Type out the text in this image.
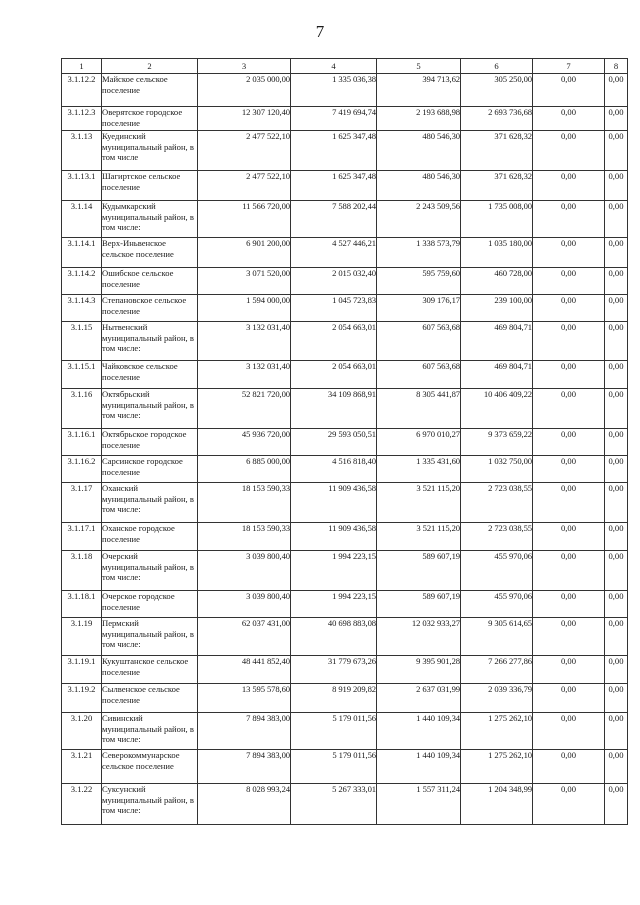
7
1	2	3	4	5	6	7	8
3.1.12.2	Майское сельское поселение	2 035 000,00	1 335 036,38	394 713,62	305 250,00	0,00	0,00
3.1.12.3	Оверятское городское поселение	12 307 120,40	7 419 694,74	2 193 688,98	2 693 736,68	0,00	0,00
3.1.13	Куединский муниципальный район, в том числе	2 477 522,10	1 625 347,48	480 546,30	371 628,32	0,00	0,00
3.1.13.1	Шагиртское сельское поселение	2 477 522,10	1 625 347,48	480 546,30	371 628,32	0,00	0,00
3.1.14	Кудымкарский муниципальный район, в том числе:	11 566 720,00	7 588 202,44	2 243 509,56	1 735 008,00	0,00	0,00
3.1.14.1	Верх-Иньвенское сельское поселение	6 901 200,00	4 527 446,21	1 338 573,79	1 035 180,00	0,00	0,00
3.1.14.2	Ошибское сельское поселение	3 071 520,00	2 015 032,40	595 759,60	460 728,00	0,00	0,00
3.1.14.3	Степановское сельское поселение	1 594 000,00	1 045 723,83	309 176,17	239 100,00	0,00	0,00
3.1.15	Нытвенский муниципальный район, в том числе:	3 132 031,40	2 054 663,01	607 563,68	469 804,71	0,00	0,00
3.1.15.1	Чайковское сельское поселение	3 132 031,40	2 054 663,01	607 563,68	469 804,71	0,00	0,00
3.1.16	Октябрьский муниципальный район, в том числе:	52 821 720,00	34 109 868,91	8 305 441,87	10 406 409,22	0,00	0,00
3.1.16.1	Октябрьское городское поселение	45 936 720,00	29 593 050,51	6 970 010,27	9 373 659,22	0,00	0,00
3.1.16.2	Сарсинское городское поселение	6 885 000,00	4 516 818,40	1 335 431,60	1 032 750,00	0,00	0,00
3.1.17	Оханский муниципальный район, в том числе:	18 153 590,33	11 909 436,58	3 521 115,20	2 723 038,55	0,00	0,00
3.1.17.1	Оханское городское поселение	18 153 590,33	11 909 436,58	3 521 115,20	2 723 038,55	0,00	0,00
3.1.18	Очерский муниципальный район, в том числе:	3 039 800,40	1 994 223,15	589 607,19	455 970,06	0,00	0,00
3.1.18.1	Очерское городское поселение	3 039 800,40	1 994 223,15	589 607,19	455 970,06	0,00	0,00
3.1.19	Пермский муниципальный район, в том числе:	62 037 431,00	40 698 883,08	12 032 933,27	9 305 614,65	0,00	0,00
3.1.19.1	Кукуштанское сельское поселение	48 441 852,40	31 779 673,26	9 395 901,28	7 266 277,86	0,00	0,00
3.1.19.2	Сылвенское сельское поселение	13 595 578,60	8 919 209,82	2 637 031,99	2 039 336,79	0,00	0,00
3.1.20	Сивинский муниципальный район, в том числе:	7 894 383,00	5 179 011,56	1 440 109,34	1 275 262,10	0,00	0,00
3.1.21	Северокоммунарское сельское поселение	7 894 383,00	5 179 011,56	1 440 109,34	1 275 262,10	0,00	0,00
3.1.22	Суксунский муниципальный район, в том числе:	8 028 993,24	5 267 333,01	1 557 311,24	1 204 348,99	0,00	0,00
